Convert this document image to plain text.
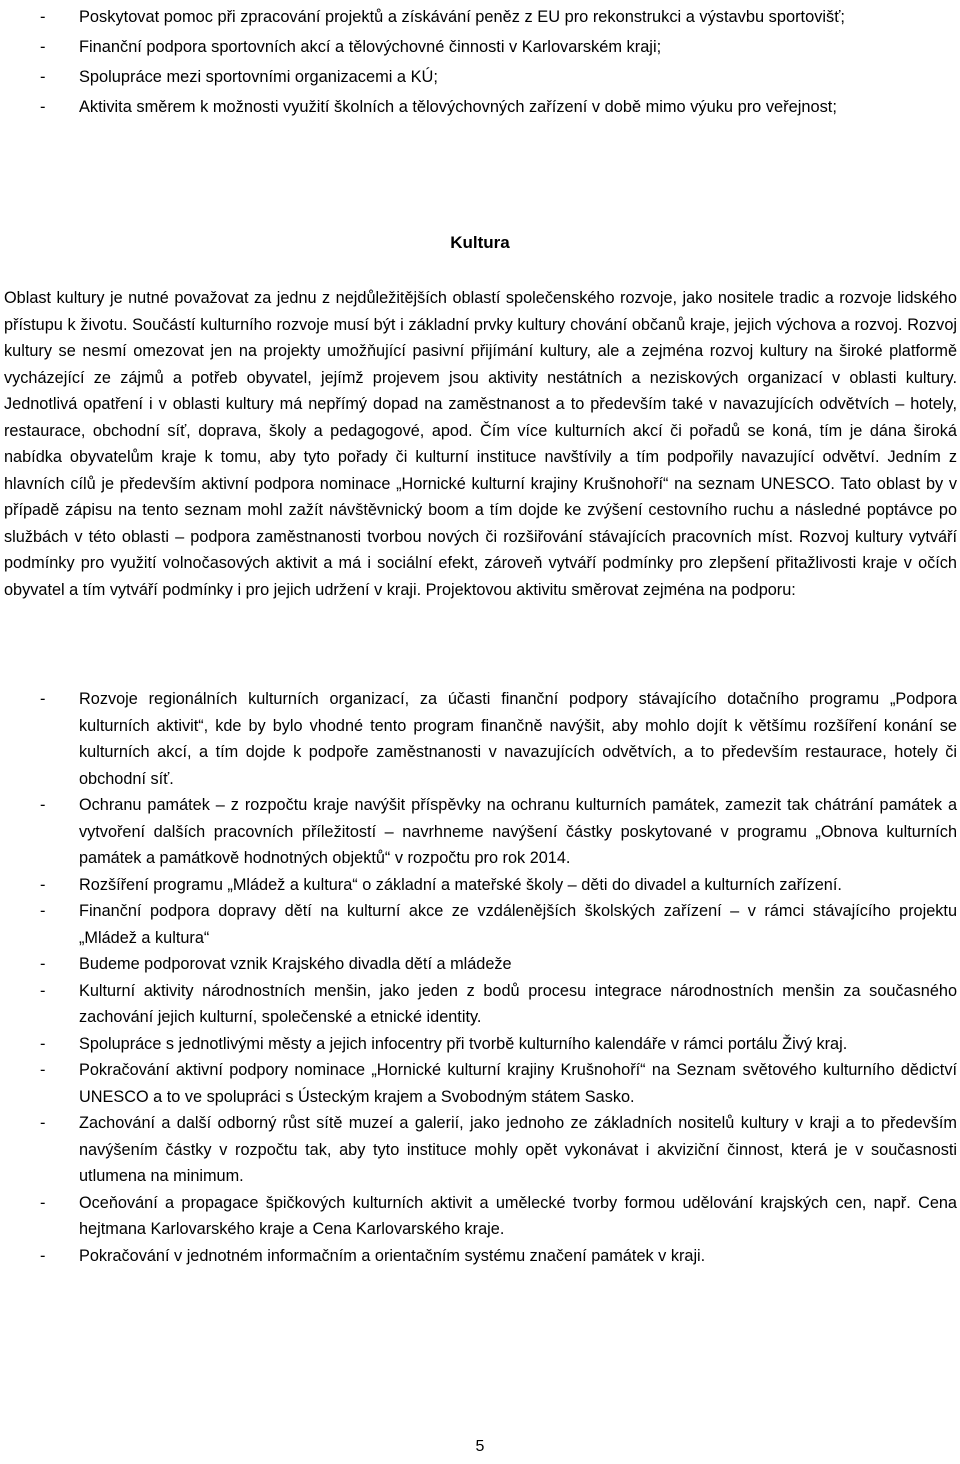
- Poskytovat pomoc při zpracování projektů a získávání peněz z EU pro rekonstrukci a výstavbu sportovišť;
- Finanční podpora sportovních akcí a tělovýchovné činnosti v Karlovarském kraji;
- Spolupráce mezi sportovními organizacemi a KÚ;
- Aktivita směrem k možnosti využití školních a tělovýchovných zařízení v době mimo výuku pro veřejnost;
Kultura

Oblast kultury je nutné považovat za jednu z nejdůležitějších oblastí společenského rozvoje, jako nositele tradic a rozvoje lidského přístupu k životu. Součástí kulturního rozvoje musí být i základní prvky kultury chování občanů kraje, jejich výchova a rozvoj. Rozvoj kultury se nesmí omezovat jen na projekty umožňující pasivní přijímání kultury, ale a zejména rozvoj kultury na široké platformě vycházející ze zájmů a potřeb obyvatel, jejímž projevem jsou aktivity nestátních a neziskových organizací v oblasti kultury. Jednotlivá opatření i v oblasti kultury má nepřímý dopad na zaměstnanost a to především také v navazujících odvětvích – hotely, restaurace, obchodní síť, doprava, školy a pedagogové, apod. Čím více kulturních akcí či pořadů se koná, tím je dána široká nabídka obyvatelům kraje k tomu, aby tyto pořady či kulturní instituce navštívily a tím podpořily navazující odvětví. Jedním z hlavních cílů je především aktivní podpora nominace „Hornické kulturní krajiny Krušnohoří“ na seznam UNESCO. Tato oblast by v případě zápisu na tento seznam mohl zažít návštěvnický boom a tím dojde ke zvýšení cestovního ruchu a následné poptávce po službách v této oblasti – podpora zaměstnanosti tvorbou nových či rozšiřování stávajících pracovních míst. Rozvoj kultury vytváří podmínky pro využití volnočasových aktivit a má i sociální efekt, zároveň vytváří podmínky pro zlepšení přitažlivosti kraje v očích obyvatel a tím vytváří podmínky i pro jejich udržení v kraji. Projektovou aktivitu směrovat zejména na podporu:

- Rozvoje regionálních kulturních organizací, za účasti finanční podpory stávajícího dotačního programu „Podpora kulturních aktivit“, kde by bylo vhodné tento program finančně navýšit, aby mohlo dojít k většímu rozšíření konání se kulturních akcí, a tím dojde k podpoře zaměstnanosti v navazujících odvětvích, a to především restaurace, hotely či obchodní síť.
- Ochranu památek – z rozpočtu kraje navýšit příspěvky na ochranu kulturních památek, zamezit tak chátrání památek a vytvoření dalších pracovních příležitostí – navrhneme navýšení částky poskytované v programu „Obnova kulturních památek a památkově hodnotných objektů“ v rozpočtu pro rok 2014.
- Rozšíření programu „Mládež a kultura“ o základní a mateřské školy – děti do divadel a kulturních zařízení.
- Finanční podpora dopravy dětí na kulturní akce ze vzdálenějších školských zařízení – v rámci stávajícího projektu „Mládež a kultura“
- Budeme podporovat vznik Krajského divadla dětí a mládeže
- Kulturní aktivity národnostních menšin, jako jeden z bodů procesu integrace národnostních menšin za současného zachování jejich kulturní, společenské a etnické identity.
- Spolupráce s jednotlivými městy a jejich infocentry při tvorbě kulturního kalendáře v rámci portálu Živý kraj.
- Pokračování aktivní podpory nominace „Hornické kulturní krajiny Krušnohoří“ na Seznam světového kulturního dědictví UNESCO a to ve spolupráci s Ústeckým krajem a Svobodným státem Sasko.
- Zachování a další odborný růst sítě muzeí a galerií, jako jednoho ze základních nositelů kultury v kraji a to především navýšením částky v rozpočtu tak, aby tyto instituce mohly opět vykonávat i akviziční činnost, která je v současnosti utlumena na minimum.
- Oceňování a propagace špičkových kulturních aktivit a umělecké tvorby formou udělování krajských cen, např. Cena hejtmana Karlovarského kraje a Cena Karlovarského kraje.
- Pokračování v jednotném informačním a orientačním systému značení památek v kraji.
5
